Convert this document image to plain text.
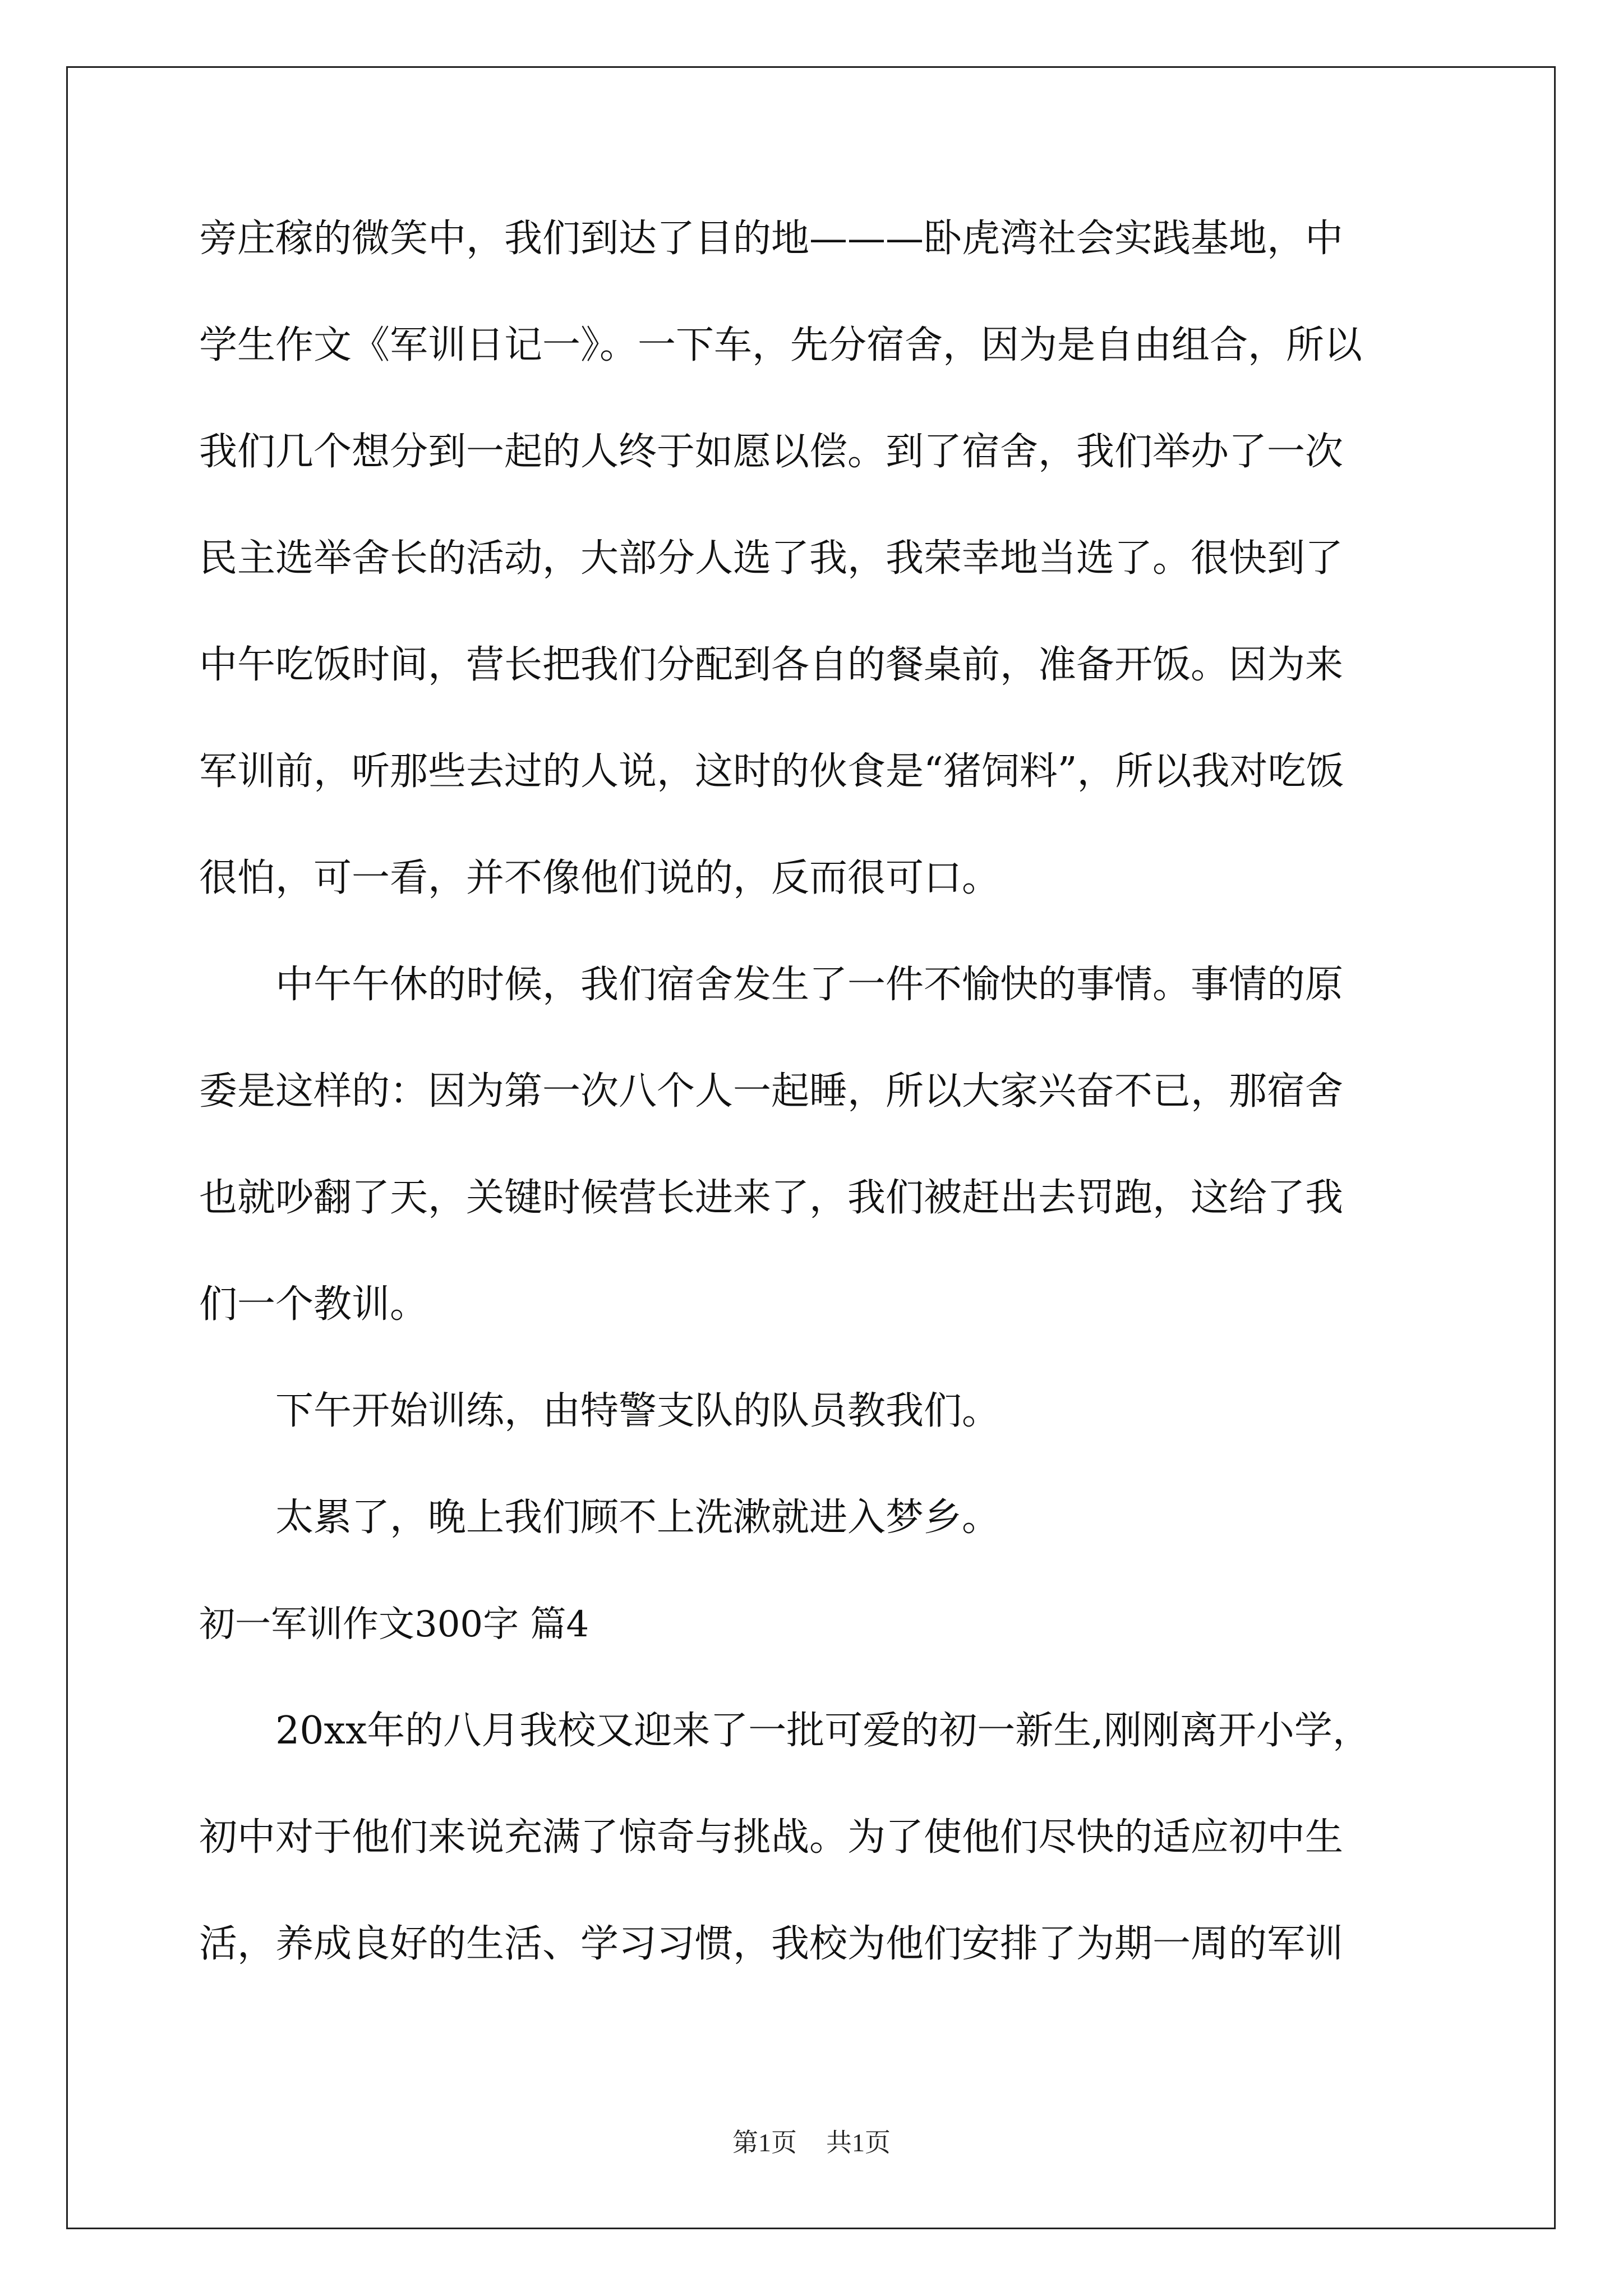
旁庄稼的微笑中，我们到达了目的地———卧虎湾社会实践基地，中
学生作文《军训日记一》。一下车，先分宿舍，因为是自由组合，所以
我们几个想分到一起的人终于如愿以偿。到了宿舍，我们举办了一次
民主选举舍长的活动，大部分人选了我，我荣幸地当选了。很快到了
中午吃饭时间，营长把我们分配到各自的餐桌前，准备开饭。因为来
军训前，听那些去过的人说，这时的伙食是“猪饲料”，所以我对吃饭
很怕，可一看，并不像他们说的，反而很可口。
中午午休的时候，我们宿舍发生了一件不愉快的事情。事情的原
委是这样的：因为第一次八个人一起睡，所以大家兴奋不已，那宿舍
也就吵翻了天，关键时候营长进来了，我们被赶出去罚跑，这给了我
们一个教训。
下午开始训练，由特警支队的队员教我们。
太累了，晚上我们顾不上洗漱就进入梦乡。
初一军训作文300字 篇4
20xx年的八月我校又迎来了一批可爱的初一新生,刚刚离开小学，
初中对于他们来说充满了惊奇与挑战。为了使他们尽快的适应初中生
活，养成良好的生活、学习习惯，我校为他们安排了为期一周的军训
第1页 共1页
